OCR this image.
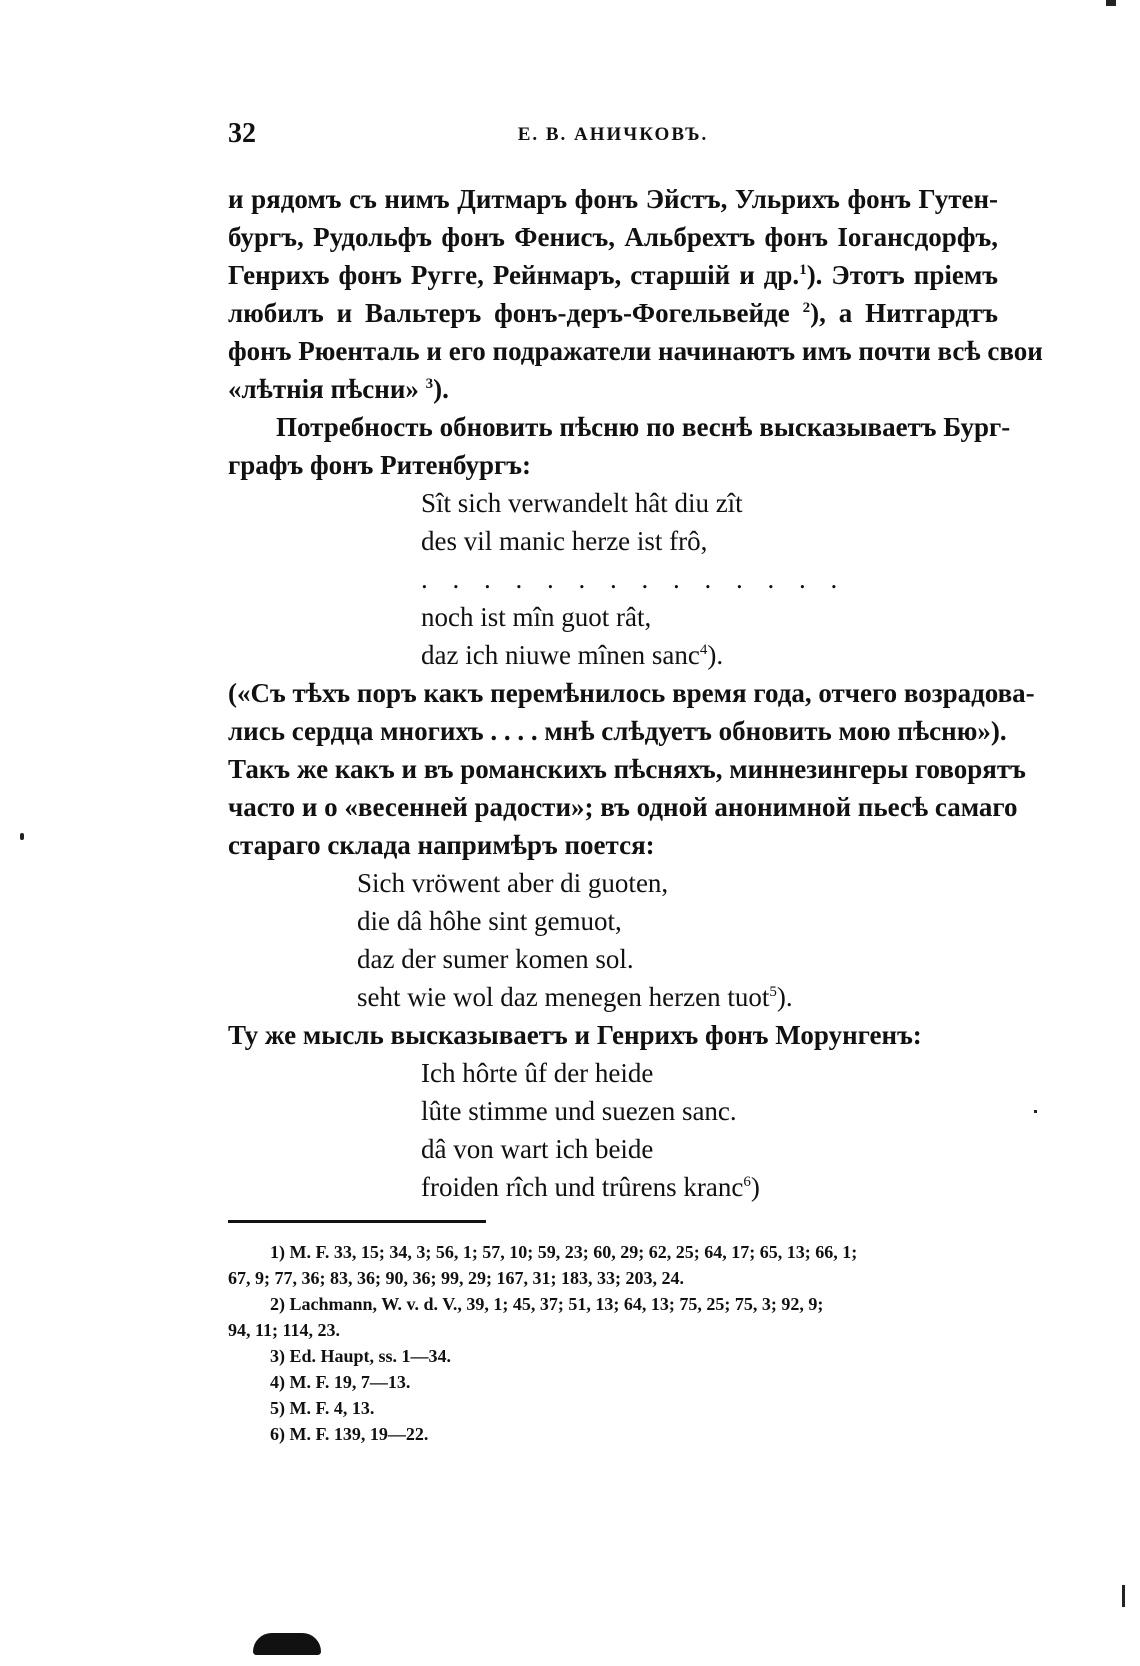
32	Е. В. АНИЧКОВЪ.
и рядомъ съ нимъ Дитмаръ фонъ Эйстъ, Ульрихъ фонъ Гутен-
бургъ, Рудольфъ фонъ Фенисъ, Альбрехтъ фонъ Іогансдорфъ,
Генрихъ фонъ Ругге, Рейнмаръ, старшій и др.$^1$). Этотъ пріемъ
любилъ и Вальтеръ фонъ-деръ-Фогельвейде $^2$), а Нитгардтъ
фонъ Рюенталь и его подражатели начинаютъ имъ почти всѣ свои
«лѣтнія пѣсни» $^3$).
Потребность обновить пѣсню по веснѣ высказываетъ Бург-
графъ фонъ Ритенбургъ:
Sît sich verwandelt hât diu zît
des vil manic herze ist frô,
. . . . . . . . . . . . . .
noch ist mîn guot rât,
daz ich niuwe mînen sanc$^4$).
(«Съ тѣхъ поръ какъ перемѣнилось время года, отчего возрадова-
лись сердца многихъ . . . . мнѣ слѣдуетъ обновить мою пѣсню»).
Такъ же какъ и въ романскихъ пѣсняхъ, миннезингеры говорятъ
часто и о «весенней радости»; въ одной анонимной пьесѣ самаго
стараго склада напримѣръ поется:
Sich vröwent aber di guoten,
die dâ hôhe sint gemuot,
daz der sumer komen sol.
seht wie wol daz menegen herzen tuot$^5$).
Ту же мысль высказываетъ и Генрихъ фонъ Морунгенъ:
Ich hôrte ûf der heide
lûte stimme und suezen sanc.
dâ von wart ich beide
froiden rîch und trûrens kranc$^6$)
1) M. F. 33, 15; 34, 3; 56, 1; 57, 10; 59, 23; 60, 29; 62, 25; 64, 17; 65, 13; 66, 1;
67, 9; 77, 36; 83, 36; 90, 36; 99, 29; 167, 31; 183, 33; 203, 24.
2) Lachmann, W. v. d. V., 39, 1; 45, 37; 51, 13; 64, 13; 75, 25; 75, 3; 92, 9;
94, 11; 114, 23.
3) Ed. Haupt, ss. 1—34.
4) M. F. 19, 7—13.
5) M. F. 4, 13.
6) M. F. 139, 19—22.
